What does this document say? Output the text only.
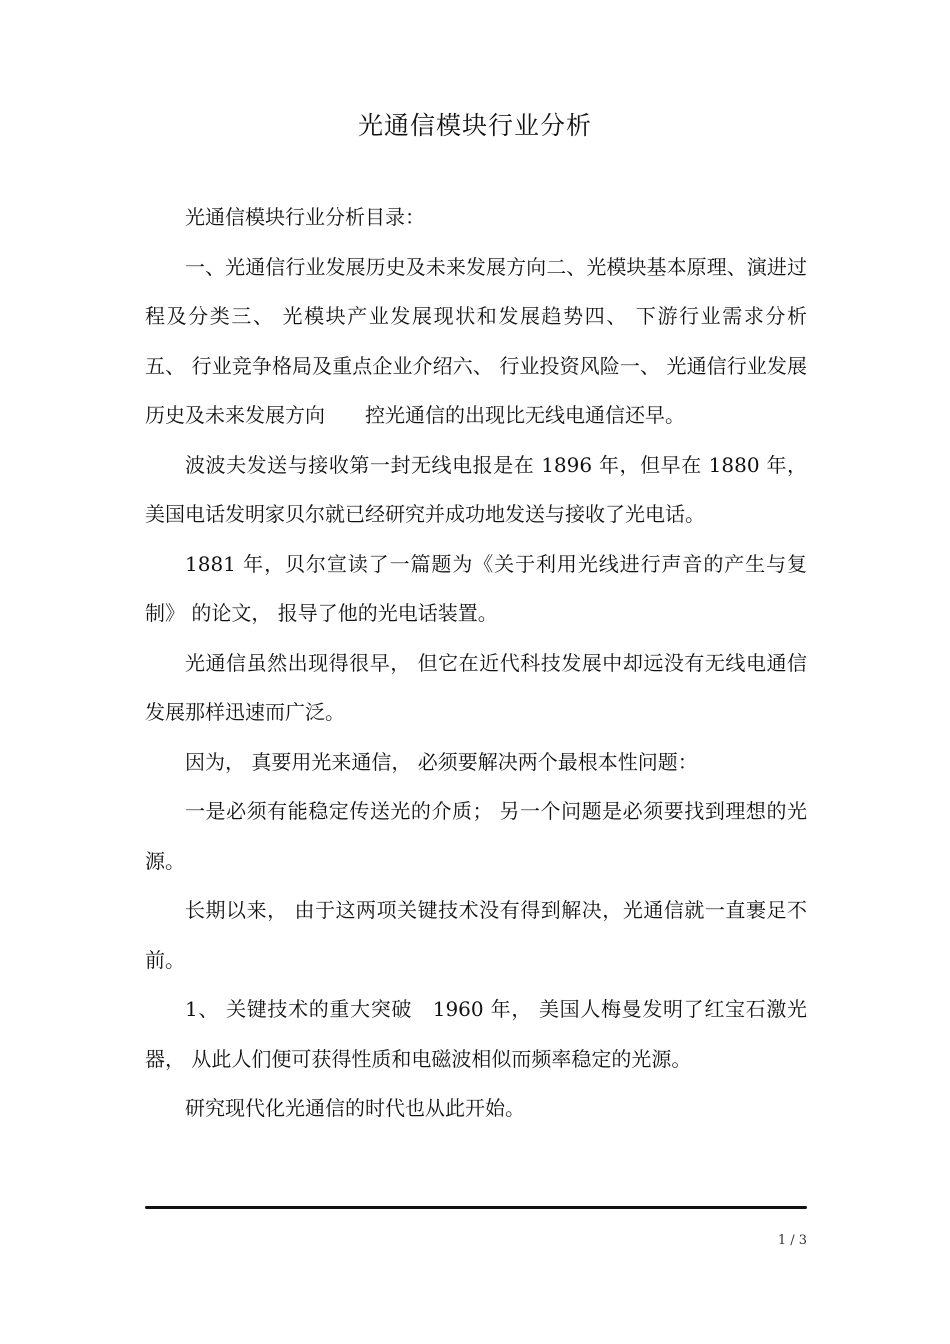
光通信模块行业分析

光通信模块行业分析目录：

一、光通信行业发展历史及未来发展方向二、光模块基本原理、演进过程及分类三、 光模块产业发展现状和发展趋势四、 下游行业需求分析　　五、 行业竞争格局及重点企业介绍六、 行业投资风险一、 光通信行业发展历史及未来发展方向　　控光通信的出现比无线电通信还早。

波波夫发送与接收第一封无线电报是在 1896 年，但早在 1880 年， 美国电话发明家贝尔就已经研究并成功地发送与接收了光电话。

1881 年，贝尔宣读了一篇题为《关于利用光线进行声音的产生与复制》 的论文， 报导了他的光电话装置。

光通信虽然出现得很早， 但它在近代科技发展中却远没有无线电通信发展那样迅速而广泛。

因为， 真要用光来通信， 必须要解决两个最根本性问题：

一是必须有能稳定传送光的介质； 另一个问题是必须要找到理想的光源。

长期以来， 由于这两项关键技术没有得到解决，光通信就一直裹足不前。

1、 关键技术的重大突破　1960 年， 美国人梅曼发明了红宝石激光器， 从此人们便可获得性质和电磁波相似而频率稳定的光源。

研究现代化光通信的时代也从此开始。

1 / 3
